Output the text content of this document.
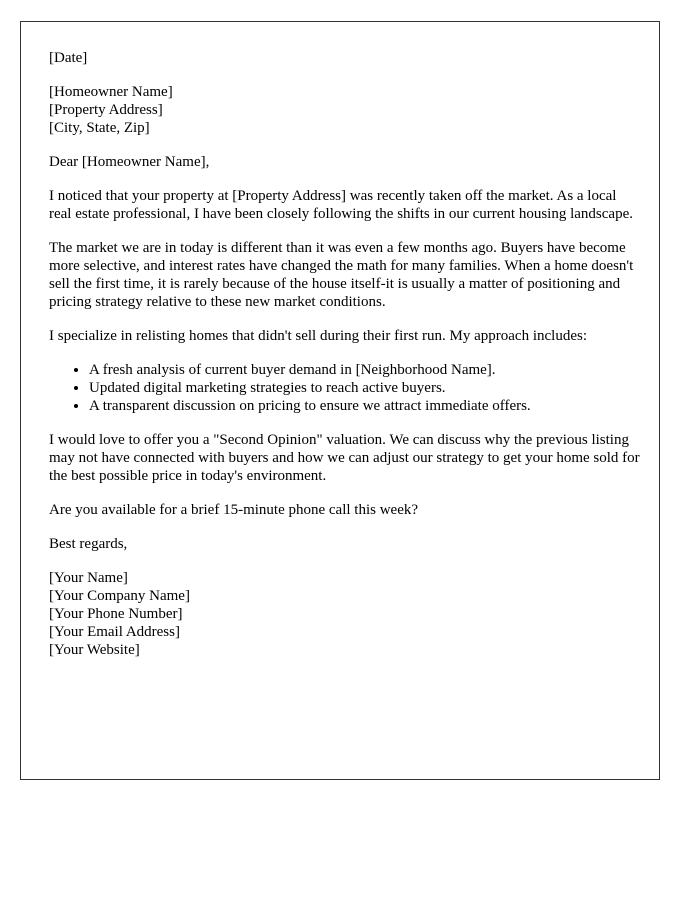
[Date]

[Homeowner Name]

[Property Address]

[City, State, Zip]

Dear [Homeowner Name],

I noticed that your property at [Property Address] was recently taken off the market. As a local real estate professional, I have been closely following the shifts in our current housing landscape.

The market we are in today is different than it was even a few months ago. Buyers have become more selective, and interest rates have changed the math for many families. When a home doesn't sell the first time, it is rarely because of the house itself-it is usually a matter of positioning and pricing strategy relative to these new market conditions.

I specialize in relisting homes that didn't sell during their first run. My approach includes:

• A fresh analysis of current buyer demand in [Neighborhood Name].
• Updated digital marketing strategies to reach active buyers.
• A transparent discussion on pricing to ensure we attract immediate offers.

I would love to offer you a "Second Opinion" valuation. We can discuss why the previous listing may not have connected with buyers and how we can adjust our strategy to get your home sold for the best possible price in today's environment.

Are you available for a brief 15-minute phone call this week?

Best regards,

[Your Name]

[Your Company Name]

[Your Phone Number]

[Your Email Address]

[Your Website]
